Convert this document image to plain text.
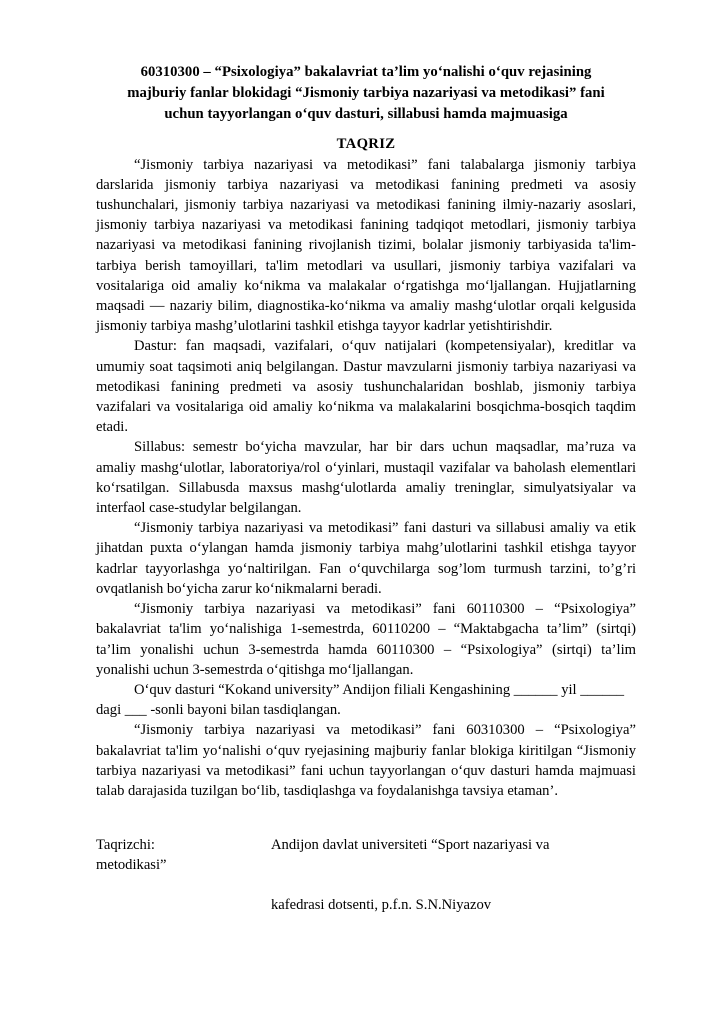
60310300 – “Psixologiya” bakalavriat ta’lim yo‘nalishi o‘quv rejasining
majburiy fanlar blokidagi “Jismoniy tarbiya nazariyasi va metodikasi” fani
uchun tayyorlangan o‘quv dasturi, sillabusi hamda majmuasiga
TAQRIZ

“Jismoniy tarbiya nazariyasi va metodikasi” fani talabalarga jismoniy tarbiya darslarida jismoniy tarbiya nazariyasi va metodikasi fanining predmeti va asosiy tushunchalari, jismoniy tarbiya nazariyasi va metodikasi fanining ilmiy-nazariy asoslari, jismoniy tarbiya nazariyasi va metodikasi fanining tadqiqot metodlari, jismoniy tarbiya nazariyasi va metodikasi fanining rivojlanish tizimi, bolalar jismoniy tarbiyasida ta'lim-tarbiya berish tamoyillari, ta'lim metodlari va usullari, jismoniy tarbiya vazifalari va vositalariga oid amaliy ko‘nikma va malakalar o‘rgatishga mo‘ljallangan. Hujjatlarning maqsadi — nazariy bilim, diagnostika-ko‘nikma va amaliy mashg‘ulotlar orqali kelgusida jismoniy tarbiya mashg’ulotlarini tashkil etishga tayyor kadrlar yetishtirishdir.

Dastur: fan maqsadi, vazifalari, o‘quv natijalari (kompetensiyalar), kreditlar va umumiy soat taqsimoti aniq belgilangan. Dastur mavzularni jismoniy tarbiya nazariyasi va metodikasi fanining predmeti va asosiy tushunchalaridan boshlab, jismoniy tarbiya vazifalari va vositalariga oid amaliy ko‘nikma va malakalarini bosqichma-bosqich taqdim etadi.

Sillabus: semestr bo‘yicha mavzular, har bir dars uchun maqsadlar, ma’ruza va amaliy mashg‘ulotlar, laboratoriya/rol o‘yinlari, mustaqil vazifalar va baholash elementlari ko‘rsatilgan. Sillabusda maxsus mashg‘ulotlarda amaliy treninglar, simulyatsiyalar va interfaol case-studylar belgilangan.

“Jismoniy tarbiya nazariyasi va metodikasi” fani dasturi va sillabusi amaliy va etik jihatdan puxta o‘ylangan hamda jismoniy tarbiya mahg’ulotlarini tashkil etishga tayyor kadrlar tayyorlashga yo‘naltirilgan. Fan o‘quvchilarga sog’lom turmush tarzini, to’g’ri ovqatlanish bo‘yicha zarur ko‘nikmalarni beradi.

“Jismoniy tarbiya nazariyasi va metodikasi” fani 60110300 – “Psixologiya” bakalavriat ta'lim yo‘nalishiga 1-semestrda, 60110200 – “Maktabgacha ta’lim” (sirtqi) ta’lim yonalishi uchun 3-semestrda hamda 60110300 – “Psixologiya” (sirtqi) ta’lim yonalishi uchun 3-semestrda o‘qitishga mo‘ljallangan.

O‘quv dasturi “Kokand university” Andijon filiali Kengashining ______ yil ______ dagi ___ -sonli bayoni bilan tasdiqlangan.

“Jismoniy tarbiya nazariyasi va metodikasi” fani 60310300 – “Psixologiya” bakalavriat ta'lim yo‘nalishi o‘quv ryejasining majburiy fanlar blokiga kiritilgan “Jismoniy tarbiya nazariyasi va metodikasi” fani uchun tayyorlangan o‘quv dasturi hamda majmuasi talab darajasida tuzilgan bo‘lib, tasdiqlashga va foydalanishga tavsiya etaman’.

Taqrizchi:	Andijon davlat universiteti “Sport nazariyasi va
metodikasi”
kafedrasi dotsenti, p.f.n. S.N.Niyazov
